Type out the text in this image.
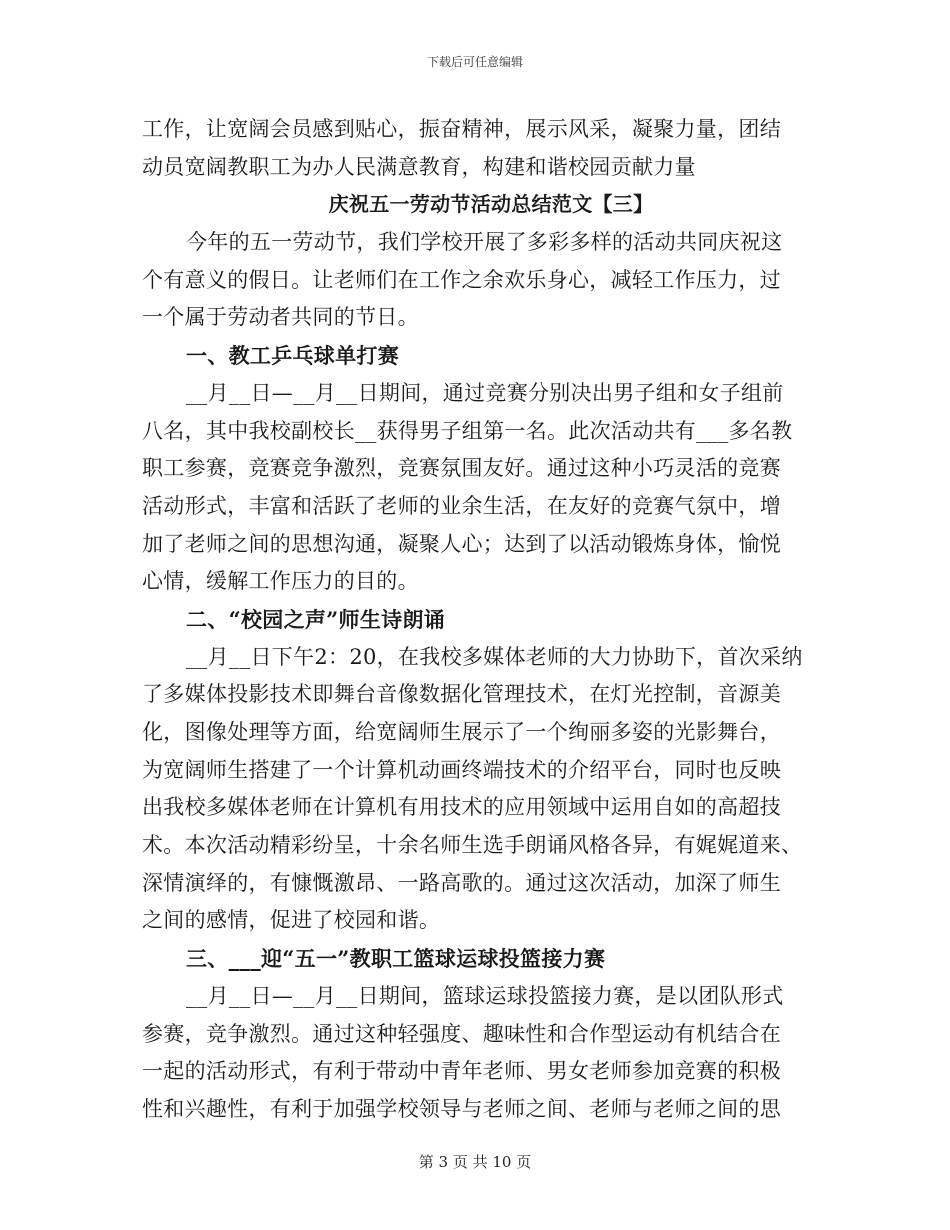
下载后可任意编辑
工作，让宽阔会员感到贴心，振奋精神，展示风采，凝聚力量，团结
动员宽阔教职工为办人民满意教育，构建和谐校园贡献力量
庆祝五一劳动节活动总结范文【三】
今年的五一劳动节，我们学校开展了多彩多样的活动共同庆祝这
个有意义的假日。让老师们在工作之余欢乐身心，减轻工作压力，过
一个属于劳动者共同的节日。
一、教工乒乓球单打赛
__月__日—__月__日期间，通过竞赛分别决出男子组和女子组前
八名，其中我校副校长__获得男子组第一名。此次活动共有___多名教
职工参赛，竞赛竞争激烈，竞赛氛围友好。通过这种小巧灵活的竞赛
活动形式，丰富和活跃了老师的业余生活，在友好的竞赛气氛中，增
加了老师之间的思想沟通，凝聚人心；达到了以活动锻炼身体，愉悦
心情，缓解工作压力的目的。
二、“校园之声”师生诗朗诵
__月__日下午2：20，在我校多媒体老师的大力协助下，首次采纳
了多媒体投影技术即舞台音像数据化管理技术，在灯光控制，音源美
化，图像处理等方面，给宽阔师生展示了一个绚丽多姿的光影舞台，
为宽阔师生搭建了一个计算机动画终端技术的介绍平台，同时也反映
出我校多媒体老师在计算机有用技术的应用领域中运用自如的高超技
术。本次活动精彩纷呈，十余名师生选手朗诵风格各异，有娓娓道来、
深情演绎的，有慷慨激昂、一路高歌的。通过这次活动，加深了师生
之间的感情，促进了校园和谐。
三、___迎“五一”教职工篮球运球投篮接力赛
__月__日—__月__日期间，篮球运球投篮接力赛，是以团队形式
参赛，竞争激烈。通过这种轻强度、趣味性和合作型运动有机结合在
一起的活动形式，有利于带动中青年老师、男女老师参加竞赛的积极
性和兴趣性，有利于加强学校领导与老师之间、老师与老师之间的思
第 3 页 共 10 页
